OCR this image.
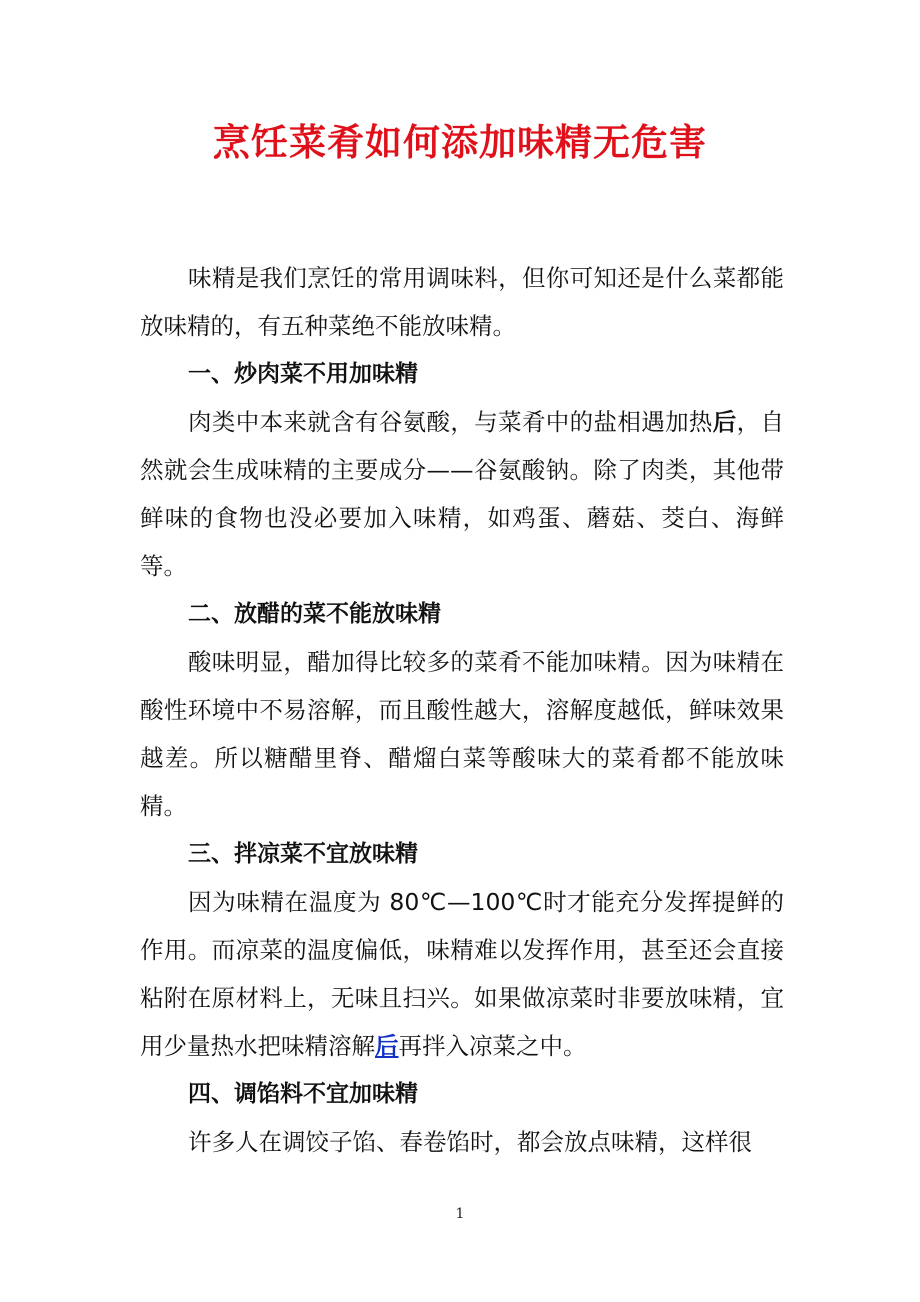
烹饪菜肴如何添加味精无危害

味精是我们烹饪的常用调味料，但你可知还是什么菜都能放味精的，有五种菜绝不能放味精。

一、炒肉菜不用加味精

肉类中本来就含有谷氨酸，与菜肴中的盐相遇加热后，自然就会生成味精的主要成分——谷氨酸钠。除了肉类，其他带鲜味的食物也没必要加入味精，如鸡蛋、蘑菇、茭白、海鲜等。

二、放醋的菜不能放味精

酸味明显，醋加得比较多的菜肴不能加味精。因为味精在酸性环境中不易溶解，而且酸性越大，溶解度越低，鲜味效果越差。所以糖醋里脊、醋熘白菜等酸味大的菜肴都不能放味精。

三、拌凉菜不宜放味精

因为味精在温度为 80℃—100℃时才能充分发挥提鲜的作用。而凉菜的温度偏低，味精难以发挥作用，甚至还会直接粘附在原材料上，无味且扫兴。如果做凉菜时非要放味精，宜用少量热水把味精溶解后再拌入凉菜之中。

四、调馅料不宜加味精

许多人在调饺子馅、春卷馅时，都会放点味精，这样很

1
